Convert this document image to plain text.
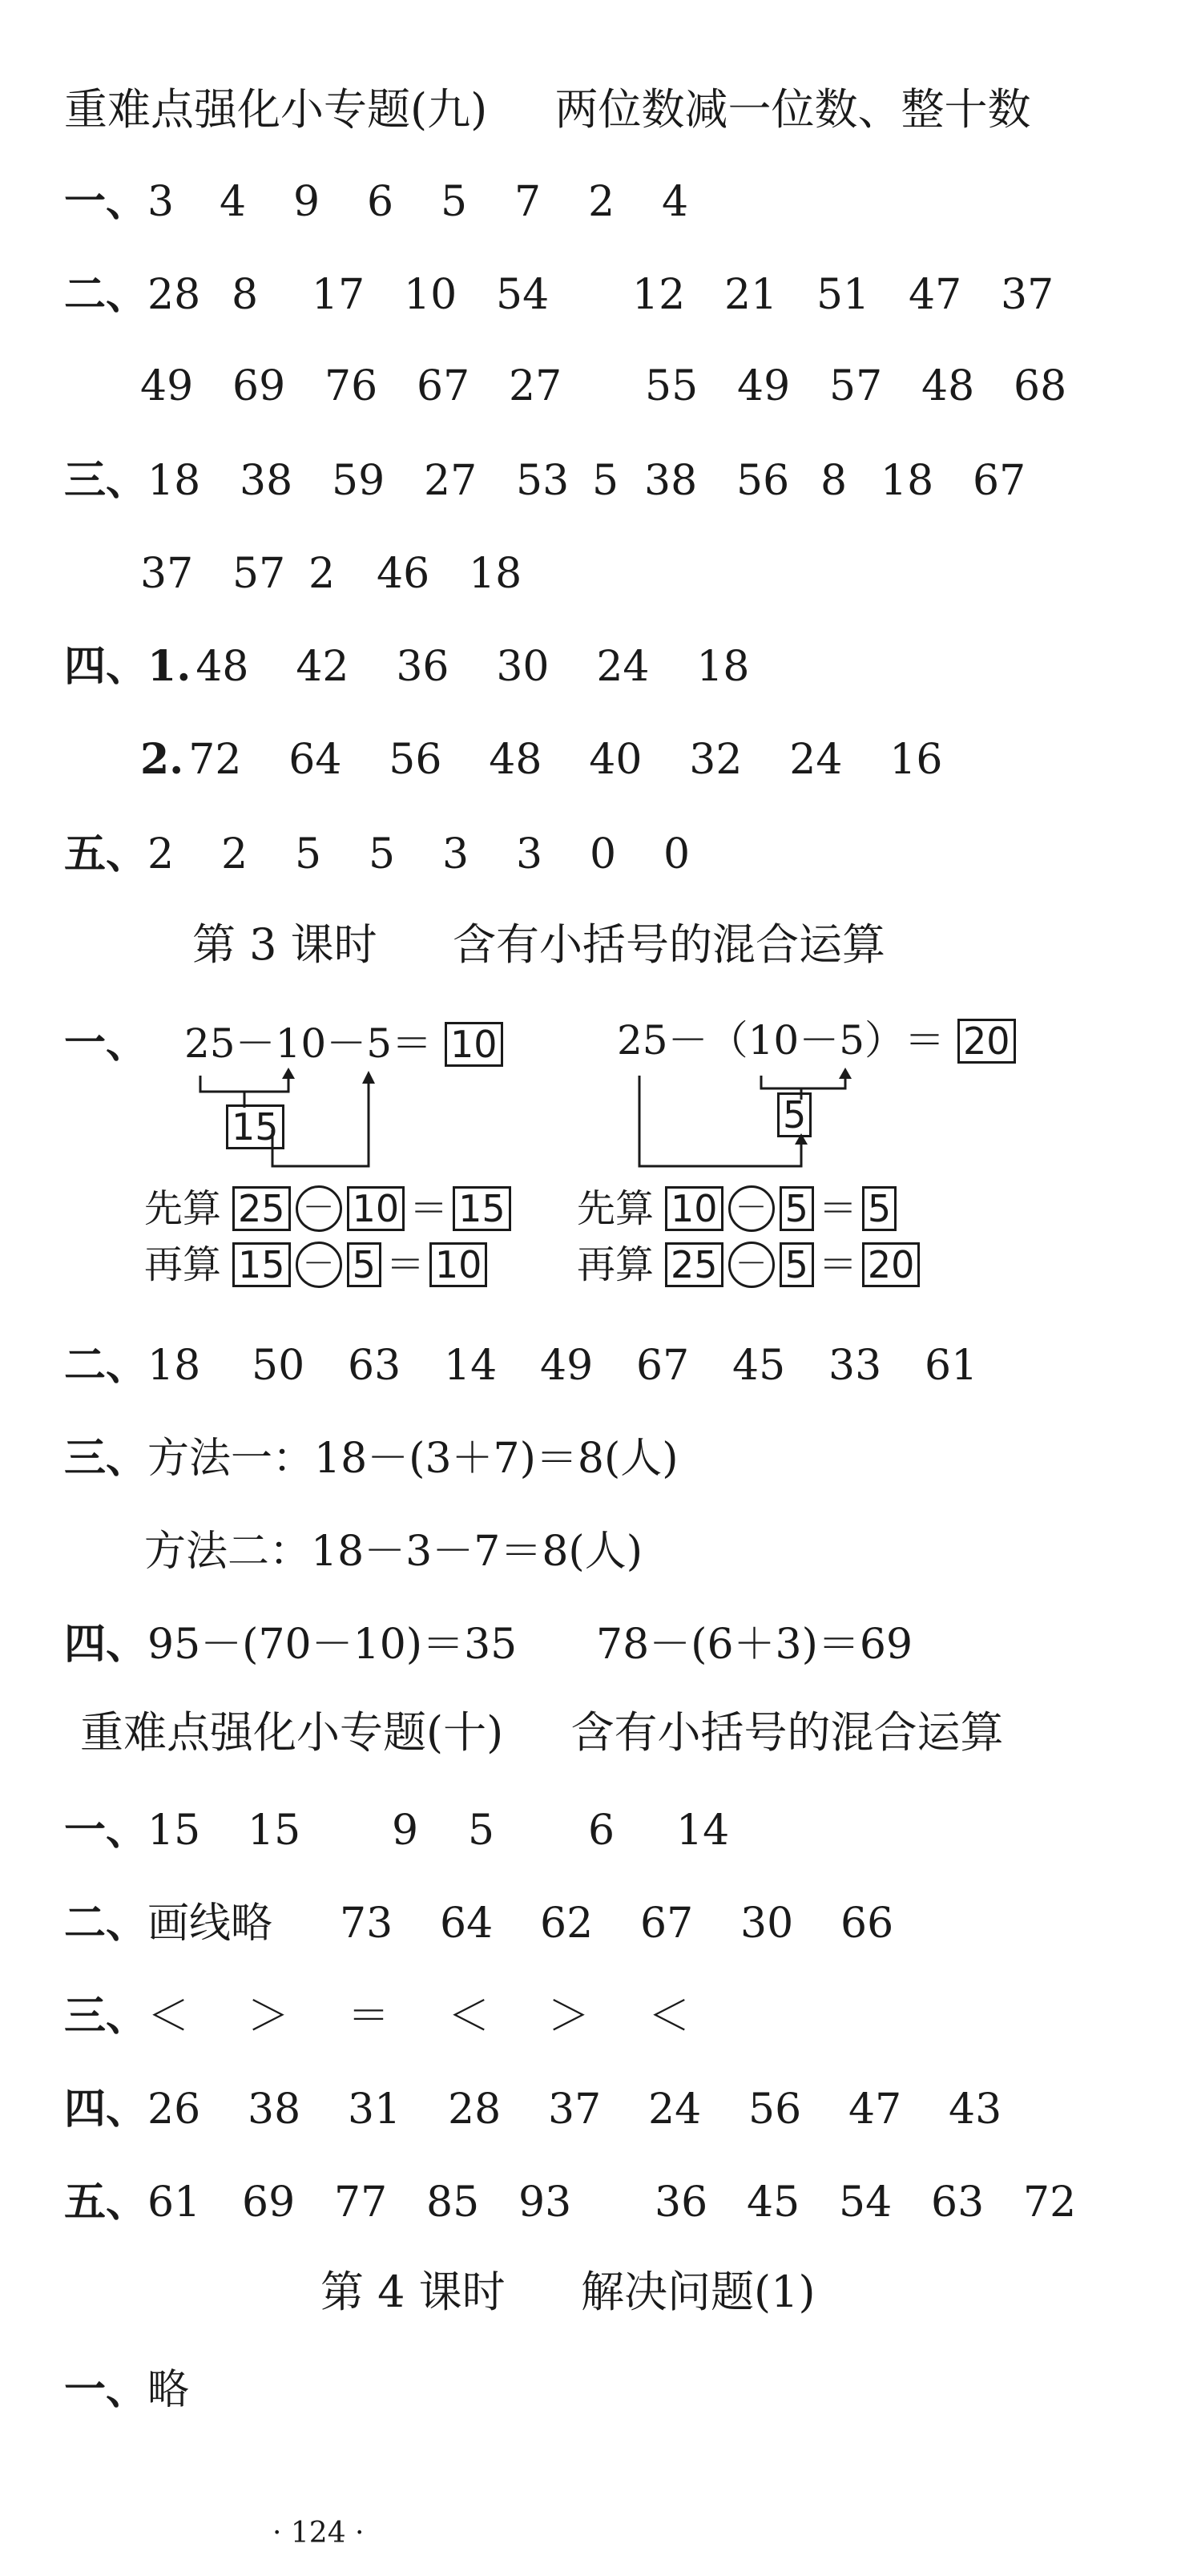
重难点强化小专题(九) 两位数减一位数、整十数
一、 3 4 9 6 5 7 2 4
二、 28 8 17 10 54 12 21 51 47 37
49 69 76 67 27 55 49 57 48 68
三、 18 38 59 27 53 5 38 56 8 18 67
37 57 2 46 18
四、 1. 48 42 36 30 24 18
2. 72 64 56 48 40 32 24 16
五、 2 2 5 5 3 3 0 0
第 3 课时 含有小括号的混合运算
一、 25－10－5＝ 10	25－（10－5）＝ 20
15	5
先算 25 － 10 ＝ 15
再算 15 － 5 ＝ 10
先算 10 － 5 ＝ 5
再算 25 － 5 ＝ 20
二、 18 50 63 14 49 67 45 33 61
三、 方法一：18－(3＋7)＝8(人)
方法二：18－3－7＝8(人)
四、 95－(70－10)＝35	78－(6＋3)＝69
重难点强化小专题(十) 含有小括号的混合运算
一、 15 15 9 5 6 14
二、 画线略	73 64 62 67 30 66
三、 ＜ ＞ ＝ ＜ ＞ ＜
四、 26 38 31 28 37 24 56 47 43
五、 61 69 77 85 93 36 45 54 63 72
第 4 课时 解决问题(1)
一、 略
· 124 ·
